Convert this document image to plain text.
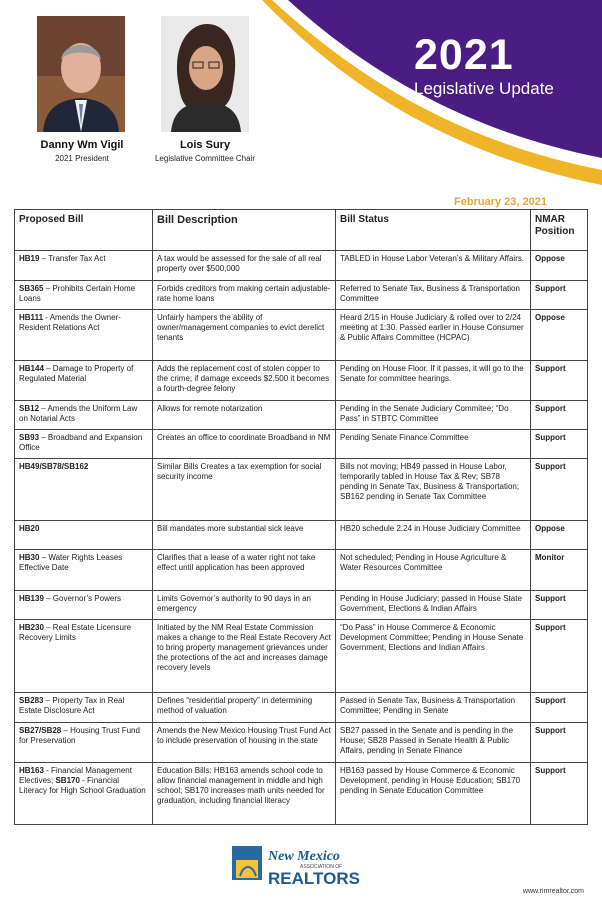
2021
Legislative Update
Danny Wm Vigil
2021 President
Lois Sury
Legislative Committee Chair
February 23, 2021
Proposed Bill	Bill Description	Bill Status	NMAR Position
HB19 – Transfer Tax Act	A tax would be assessed for the sale of all real property over $500,000	TABLED in House Labor Veteran’s & Military Affairs.	Oppose
SB365 – Prohibits Certain Home Loans	Forbids creditors from making certain adjustable-rate home loans	Referred to Senate Tax, Business & Transportation Committee	Support
HB111 - Amends the Owner-Resident Relations Act	Unfairly hampers the ability of owner/management companies to evict derelict tenants	Heard 2/15 in House Judiciary & rolled over to 2/24 meeting at 1:30. Passed earlier in House Consumer & Public Affairs Committee (HCPAC)	Oppose
HB144 – Damage to Property of Regulated Material	Adds the replacement cost of stolen copper to the crime; if damage exceeds $2,500 it becomes a fourth-degree felony	Pending on House Floor. If it passes, it will go to the Senate for committee hearings.	Support
SB12 – Amends the Uniform Law on Notarial Acts	Allows for remote notarization	Pending in the Senate Judiciary Commitee; “Do Pass” in STBTC Committee	Support
SB93 – Broadband and Expansion Office	Creates an office to coordinate Broadband in NM	Pending Senate Finance Committee	Support
HB49/SB78/SB162	Similar Bills Creates a tax exemption for social security income	Bills not moving; HB49 passed in House Labor, temporarily tabled in House Tax & Rev; SB78 pending in Senate Tax, Business & Transportation; SB162 pending in Senate Tax Committee	Support
HB20	Bill mandates more substantial sick leave	HB20 schedule 2.24 in House Judiciary Committee	Oppose
HB30 – Water Rights Leases Effective Date	Clarifies that a lease of a water right not take effect until application has been approved	Not scheduled; Pending in House Agriculture & Water Resources Committee	Monitor
HB139 – Governor’s Powers	Limits Governor’s authority to 90 days in an emergency	Pending in House Judiciary; passed in House State Government, Elections & Indian Affairs	Support
HB230 – Real Estate Licensure Recovery Limits	Initiated by the NM Real Estate Commission makes a change to the Real Estate Recovery Act to bring property management grievances under the protections of the act and increases damage recovery levels	“Do Pass” in House Commerce & Economic Development Committee; Pending in House Senate Government, Elections and Indian Affairs	Support
SB283 – Property Tax in Real Estate Disclosure Act	Defines “residential property” in determining method of valuation	Passed in Senate Tax, Business & Transportation Committee; Pending in Senate	Support
SB27/SB28 – Housing Trust Fund for Preservation	Amends the New Mexico Housing Trust Fund Act to include preservation of housing in the state	SB27 passed in the Senate and is pending in the House; SB28 Passed in Senate Health & Public Affairs, pending in Senate Finance	Support
HB163 - Financial Management Electives; SB170 - Financial Literacy for High School Graduation	Education Bills: HB163 amends school code to allow financial management in middle and high school; SB170 increases math units needed for graduation, including financial literacy	HB163 passed by House Commerce & Economic Development, pending in House Education; SB170 pending in Senate Education Committee	Support
New Mexico
ASSOCIATION OF
REALTORS
www.nmrealtor.com
